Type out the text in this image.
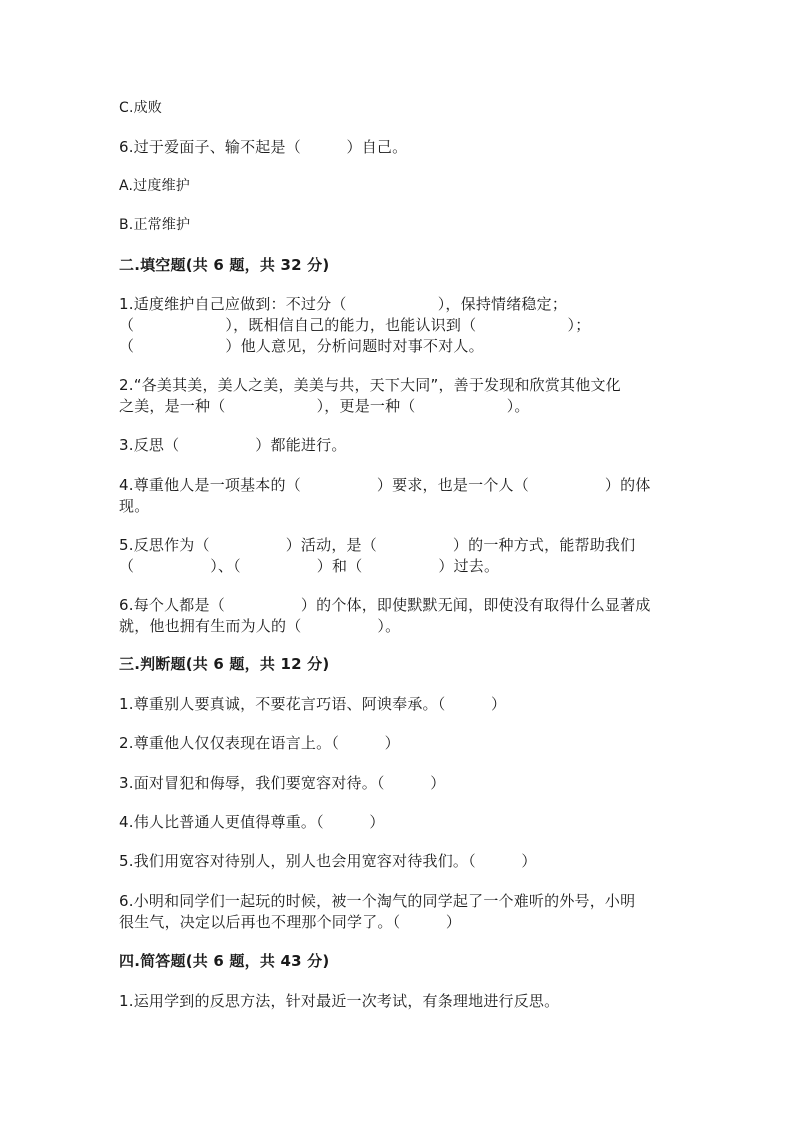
C.成败

6.过于爱面子、输不起是（　　　）自己。

A.过度维护

B.正常维护

二.填空题(共 6 题，共 32 分)

1.适度维护自己应做到：不过分（　　　　　　），保持情绪稳定；

（　　　　　　），既相信自己的能力，也能认识到（　　　　　　）；

（　　　　　　）他人意见，分析问题时对事不对人。

2.“各美其美，美人之美，美美与共，天下大同”，善于发现和欣赏其他文化

之美，是一种（　　　　　　），更是一种（　　　　　　）。

3.反思（　　　　　）都能进行。

4.尊重他人是一项基本的（　　　　　）要求，也是一个人（　　　　　）的体

现。

5.反思作为（　　　　　）活动，是（　　　　　）的一种方式，能帮助我们

（　　　　　）、（　　　　　）和（　　　　　）过去。

6.每个人都是（　　　　　）的个体，即使默默无闻，即使没有取得什么显著成

就，他也拥有生而为人的（　　　　　）。

三.判断题(共 6 题，共 12 分)

1.尊重别人要真诚，不要花言巧语、阿谀奉承。（　　　）

2.尊重他人仅仅表现在语言上。（　　　）

3.面对冒犯和侮辱，我们要宽容对待。（　　　）

4.伟人比普通人更值得尊重。（　　　）

5.我们用宽容对待别人，别人也会用宽容对待我们。（　　　）

6.小明和同学们一起玩的时候，被一个淘气的同学起了一个难听的外号，小明

很生气，决定以后再也不理那个同学了。（　　　）

四.简答题(共 6 题，共 43 分)

1.运用学到的反思方法，针对最近一次考试，有条理地进行反思。
